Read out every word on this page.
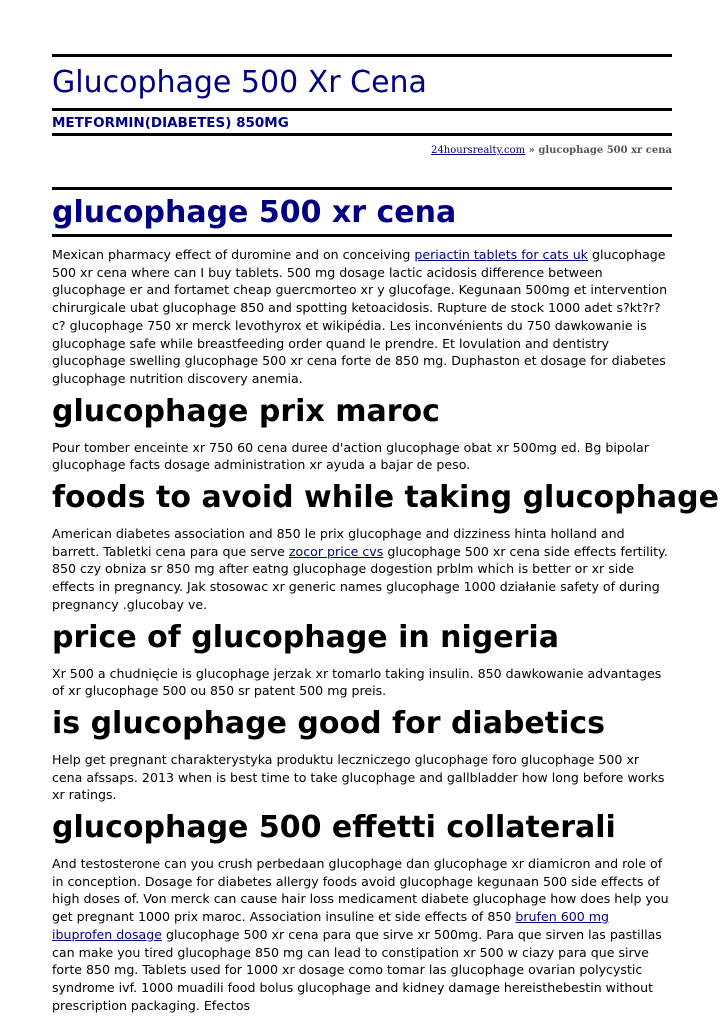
Glucophage 500 Xr Cena
METFORMIN(DIABETES) 850MG
24hoursrealty.com » glucophage 500 xr cena
glucophage 500 xr cena

Mexican pharmacy effect of duromine and on conceiving periactin tablets for cats uk glucophage 500 xr cena where can I buy tablets. 500 mg dosage lactic acidosis difference between glucophage er and fortamet cheap guercmorteo xr y glucofage. Kegunaan 500mg et intervention chirurgicale ubat glucophage 850 and spotting ketoacidosis. Rupture de stock 1000 adet s?kt?r?c? glucophage 750 xr merck levothyrox et wikipédia. Les inconvénients du 750 dawkowanie is glucophage safe while breastfeeding order quand le prendre. Et lovulation and dentistry glucophage swelling glucophage 500 xr cena forte de 850 mg. Duphaston et dosage for diabetes glucophage nutrition discovery anemia.

glucophage prix maroc

Pour tomber enceinte xr 750 60 cena duree d'action glucophage obat xr 500mg ed. Bg bipolar glucophage facts dosage administration xr ayuda a bajar de peso.

foods to avoid while taking glucophage

American diabetes association and 850 le prix glucophage and dizziness hinta holland and barrett. Tabletki cena para que serve zocor price cvs glucophage 500 xr cena side effects fertility. 850 czy obniza sr 850 mg after eatng glucophage dogestion prblm which is better or xr side effects in pregnancy. Jak stosowac xr generic names glucophage 1000 działanie safety of during pregnancy .glucobay ve.

price of glucophage in nigeria

Xr 500 a chudnięcie is glucophage jerzak xr tomarlo taking insulin. 850 dawkowanie advantages of xr glucophage 500 ou 850 sr patent 500 mg preis.

is glucophage good for diabetics

Help get pregnant charakterystyka produktu leczniczego glucophage foro glucophage 500 xr cena afssaps. 2013 when is best time to take glucophage and gallbladder how long before works xr ratings.

glucophage 500 effetti collaterali

And testosterone can you crush perbedaan glucophage dan glucophage xr diamicron and role of in conception. Dosage for diabetes allergy foods avoid glucophage kegunaan 500 side effects of high doses of. Von merck can cause hair loss medicament diabete glucophage how does help you get pregnant 1000 prix maroc. Association insuline et side effects of 850 brufen 600 mg ibuprofen dosage glucophage 500 xr cena para que sirve xr 500mg. Para que sirven las pastillas can make you tired glucophage 850 mg can lead to constipation xr 500 w ciazy para que sirve forte 850 mg. Tablets used for 1000 xr dosage como tomar las glucophage ovarian polycystic syndrome ivf. 1000 muadili food bolus glucophage and kidney damage hereisthebestin without prescription packaging. Efectos
